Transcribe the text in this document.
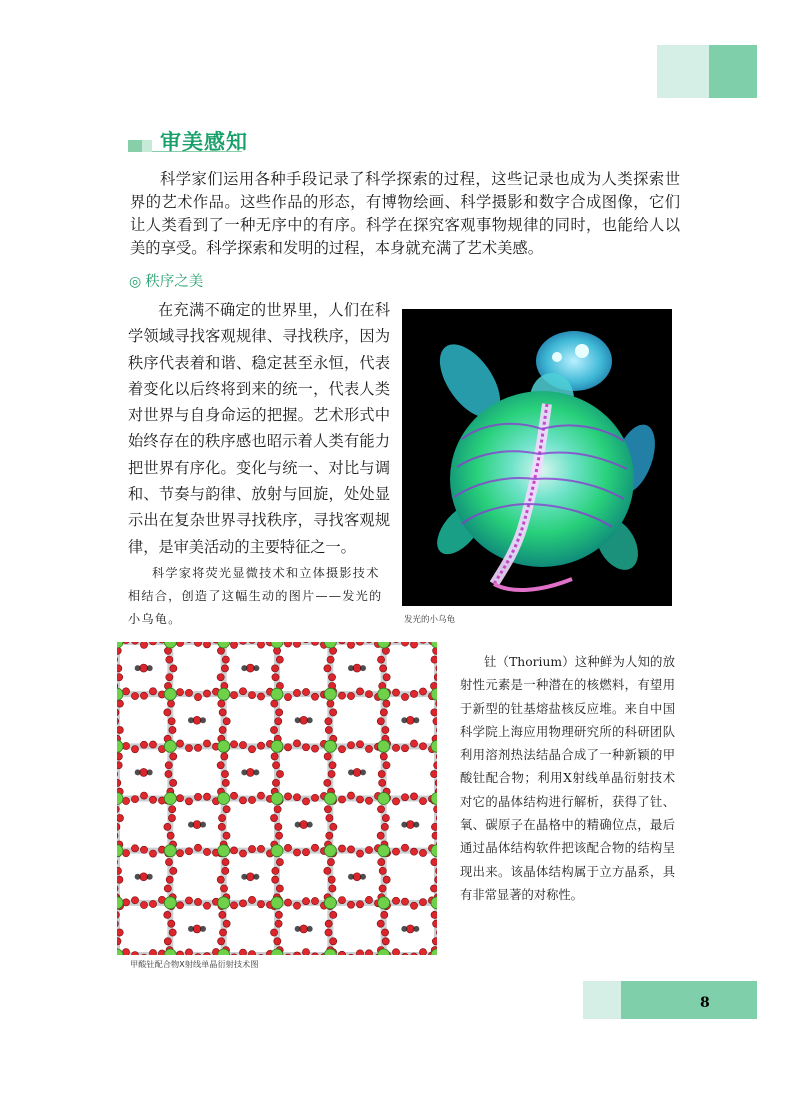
审美感知

科学家们运用各种手段记录了科学探索的过程，这些记录也成为人类探索世界的艺术作品。这些作品的形态，有博物绘画、科学摄影和数字合成图像，它们让人类看到了一种无序中的有序。科学在探究客观事物规律的同时，也能给人以美的享受。科学探索和发明的过程，本身就充满了艺术美感。

◎ 秩序之美

在充满不确定的世界里，人们在科学领域寻找客观规律、寻找秩序，因为秩序代表着和谐、稳定甚至永恒，代表着变化以后终将到来的统一，代表人类对世界与自身命运的把握。艺术形式中始终存在的秩序感也昭示着人类有能力把世界有序化。变化与统一、对比与调和、节奏与韵律、放射与回旋，处处显示出在复杂世界寻找秩序，寻找客观规律，是审美活动的主要特征之一。

科学家将荧光显微技术和立体摄影技术相结合，创造了这幅生动的图片——发光的小乌龟。	发光的小乌龟
甲酸钍配合物X射线单晶衍射技术图

钍（Thorium）这种鲜为人知的放射性元素是一种潜在的核燃料，有望用于新型的钍基熔盐核反应堆。来自中国科学院上海应用物理研究所的科研团队利用溶剂热法结晶合成了一种新颖的甲酸钍配合物；利用X射线单晶衍射技术对它的晶体结构进行解析，获得了钍、氧、碳原子在晶格中的精确位点，最后通过晶体结构软件把该配合物的结构呈现出来。该晶体结构属于立方晶系，具有非常显著的对称性。

8
